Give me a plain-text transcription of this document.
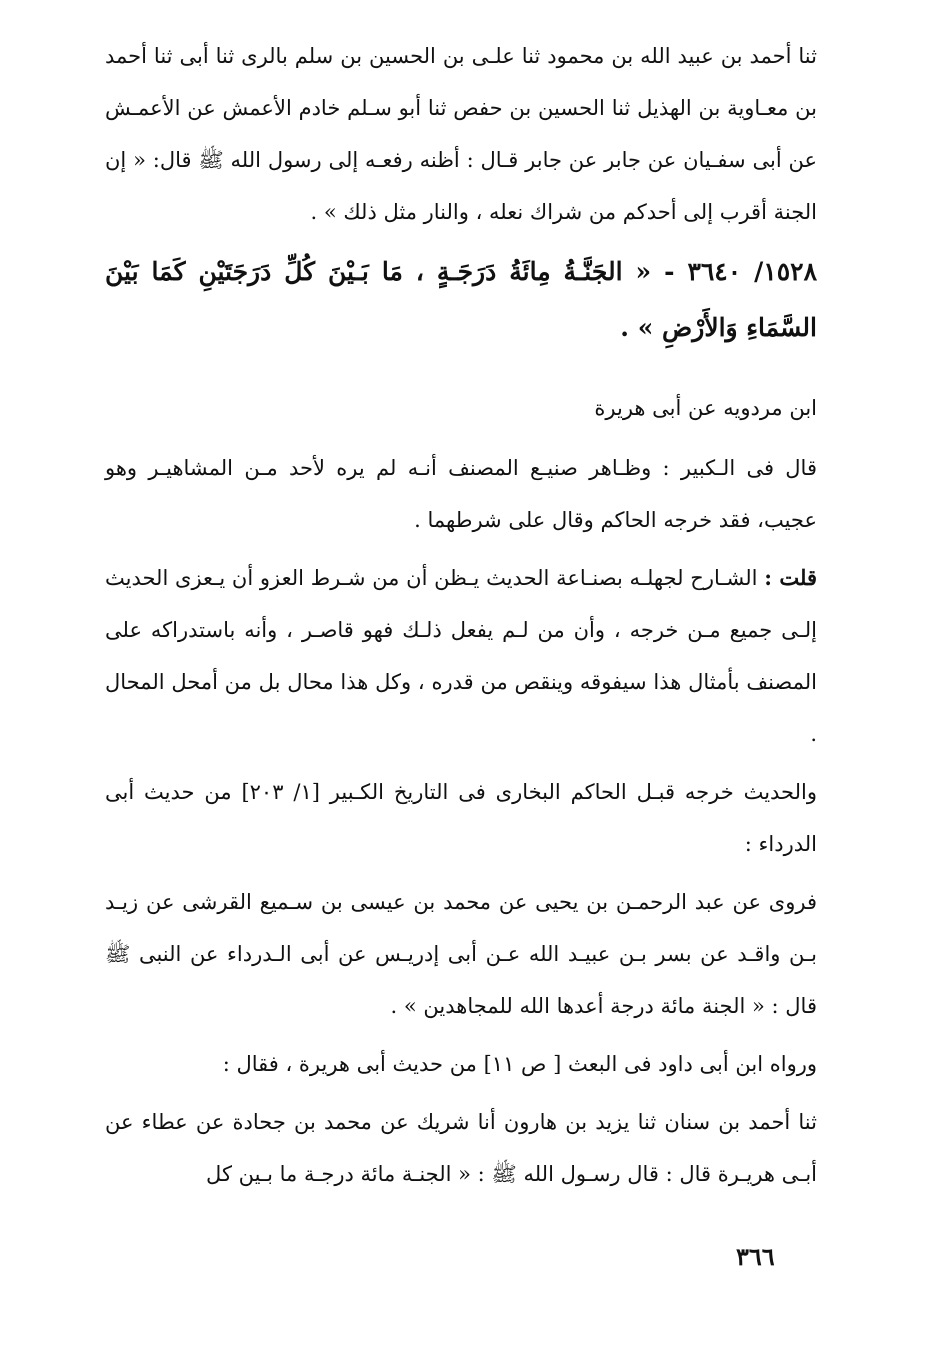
ثنا أحمد بن عبيد الله بن محمود ثنا علـى بن الحسين بن سلم بالرى ثنا أبى ثنا أحمد بن معـاوية بن الهذيل ثنا الحسين بن حفص ثنا أبو سـلم خادم الأعمش عن الأعمـش عن أبى سفـيان عن جابر عن جابر قـال : أظنه رفعـه إلى رسول الله ﷺ قال: « إن الجنة أقرب إلى أحدكم من شراك نعله ، والنار مثل ذلك » .

١٥٢٨/ ٣٦٤٠ - « الجَنَّـةُ مِائَةُ دَرَجَـةٍ ، مَا بَـيْنَ كُلِّ دَرَجَتَيْنِ كَمَا بَيْنَ السَّمَاءِ وَالأَرْضِ » .

ابن مردويه عن أبى هريرة

قال فى الـكبير : وظـاهر صنيـع المصنف أنـه لم يره لأحد مـن المشاهيـر وهو عجيب، فقد خرجه الحاكم وقال على شرطهما .

قلت : الشـارح لجهلـه بصنـاعة الحديث يـظن أن من شـرط العزو أن يـعزى الحديث إلـى جميع مـن خرجه ، وأن من لـم يفعل ذلـك فهو قاصـر ، وأنه باستدراكه على المصنف بأمثال هذا سيفوقه وينقص من قدره ، وكل هذا محال بل من أمحل المحال .

والحديث خرجه قبـل الحاكم البخارى فى التاريخ الكـبير [١/ ٢٠٣] من حديث أبى الدرداء :

فروى عن عبد الرحمـن بن يحيى عن محمد بن عيسى بن سـميع القرشى عن زيـد بـن واقـد عن بسر بـن عبيـد الله عـن أبى إدريـس عن أبى الـدرداء عن النبى ﷺ قال : « الجنة مائة درجة أعدها الله للمجاهدين » .

ورواه ابن أبى داود فى البعث [ ص ١١] من حديث أبى هريرة ، فقال :

ثنا أحمد بن سنان ثنا يزيد بن هارون أنا شريك عن محمد بن جحادة عن عطاء عن أبـى هريـرة قال : قال رسـول الله ﷺ : « الجنـة مائة درجـة ما بـين كل

٣٦٦
